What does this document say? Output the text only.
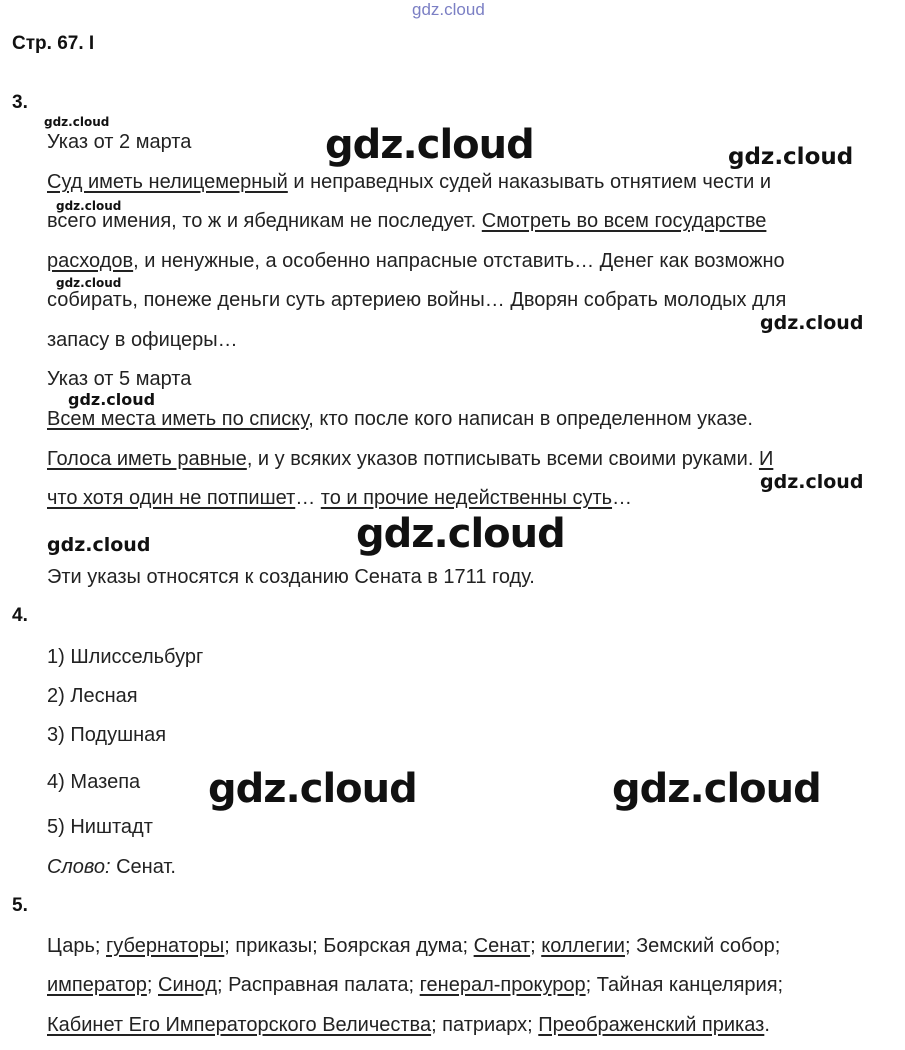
gdz.cloud
Стр. 67. I
3.
gdz.cloud
Указ от 2 марта	gdz.cloud	gdz.cloud
Суд иметь нелицемерный и неправедных судей наказывать отнятием чести и
gdz.cloud
всего имения, то ж и ябедникам не последует. Смотреть во всем государстве
расходов, и ненужные, а особенно напрасные отставить… Денег как возможно
gdz.cloud
собирать, понеже деньги суть артериею войны… Дворян собрать молодых для
gdz.cloud
запасу в офицеры…
Указ от 5 марта
gdz.cloud
Всем места иметь по списку, кто после кого написан в определенном указе.
Голоса иметь равные, и у всяких указов потписывать всеми своими руками. И
gdz.cloud
что хотя один не потпишет… то и прочие недейственны суть…
gdz.cloud
gdz.cloud
Эти указы относятся к созданию Сената в 1711 году.
4.
1) Шлиссельбург
2) Лесная
3) Подушная
4) Мазепа gdz.cloud	gdz.cloud
5) Ништадт
Слово: Сенат.
5.
Царь; губернаторы; приказы; Боярская дума; Сенат; коллегии; Земский собор;
император; Синод; Расправная палата; генерал-прокурор; Тайная канцелярия;
Кабинет Его Императорского Величества; патриарх; Преображенский приказ.
